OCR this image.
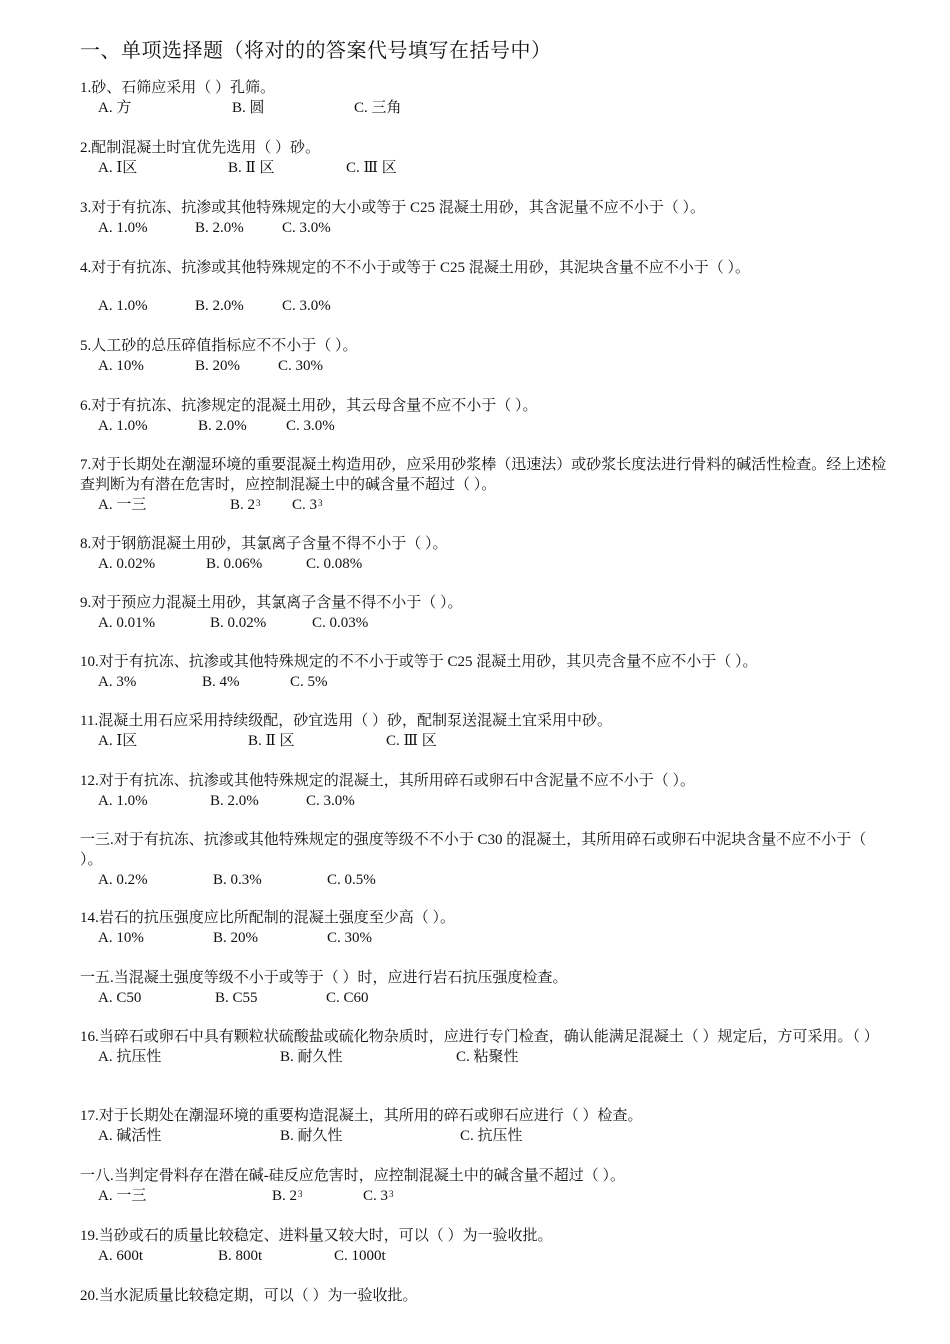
一、单项选择题（将对的的答案代号填写在括号中）
1.砂、石筛应采用（ ）孔筛。
A. 方	B. 圆	C. 三角
2.配制混凝土时宜优先选用（ ）砂。
A. Ⅰ区	B. Ⅱ 区	C. Ⅲ 区
3.对于有抗冻、抗渗或其他特殊规定的大小或等于 C25 混凝土用砂，其含泥量不应不小于（ ）。
A. 1.0%	B. 2.0%	C. 3.0%
4.对于有抗冻、抗渗或其他特殊规定的不不小于或等于 C25 混凝土用砂，其泥块含量不应不小于（ ）。
A. 1.0%	B. 2.0%	C. 3.0%
5.人工砂的总压碎值指标应不不小于（ ）。
A. 10%	B. 20%	C. 30%
6.对于有抗冻、抗渗规定的混凝土用砂，其云母含量不应不小于（ ）。
A. 1.0%	B. 2.0%	C. 3.0%
7.对于长期处在潮湿环境的重要混凝土构造用砂，应采用砂浆棒（迅速法）或砂浆长度法进行骨料的碱活性检查。经上述检查判断为有潜在危害时，应控制混凝土中的碱含量不超过（ ）。
A. 一三	B. $2^3$ C. $3^3$
8.对于钢筋混凝土用砂，其氯离子含量不得不小于（ ）。
A. 0.02%	B. 0.06%	C. 0.08%
9.对于预应力混凝土用砂，其氯离子含量不得不小于（ ）。
A. 0.01%	B. 0.02%	C. 0.03%
10.对于有抗冻、抗渗或其他特殊规定的不不小于或等于 C25 混凝土用砂，其贝壳含量不应不小于（ ）。
A. 3%	B. 4%	C. 5%
11.混凝土用石应采用持续级配，砂宜选用（ ）砂，配制泵送混凝土宜采用中砂。
A. Ⅰ区	B. Ⅱ 区	C. Ⅲ 区
12.对于有抗冻、抗渗或其他特殊规定的混凝土，其所用碎石或卵石中含泥量不应不小于（ ）。
A. 1.0%	B. 2.0%	C. 3.0%
一三.对于有抗冻、抗渗或其他特殊规定的强度等级不不小于 C30 的混凝土，其所用碎石或卵石中泥块含量不应不小于（ ）。
A. 0.2%	B. 0.3%	C. 0.5%
14.岩石的抗压强度应比所配制的混凝土强度至少高（ ）。
A. 10%	B. 20%	C. 30%
一五.当混凝土强度等级不小于或等于（ ）时，应进行岩石抗压强度检查。
A. C50	B. C55	C. C60
16.当碎石或卵石中具有颗粒状硫酸盐或硫化物杂质时，应进行专门检查，确认能满足混凝土（ ）规定后，方可采用。（ ）
A. 抗压性	B. 耐久性	C. 粘聚性
17.对于长期处在潮湿环境的重要构造混凝土，其所用的碎石或卵石应进行（ ）检查。
A. 碱活性	B. 耐久性	C. 抗压性
一八.当判定骨料存在潜在碱-硅反应危害时，应控制混凝土中的碱含量不超过（ ）。
A. 一三	B. $2^3$	C. $3^3$
19.当砂或石的质量比较稳定、进料量又较大时，可以（ ）为一验收批。
A. 600t	B. 800t	C. 1000t
20.当水泥质量比较稳定期，可以（ ）为一验收批。
